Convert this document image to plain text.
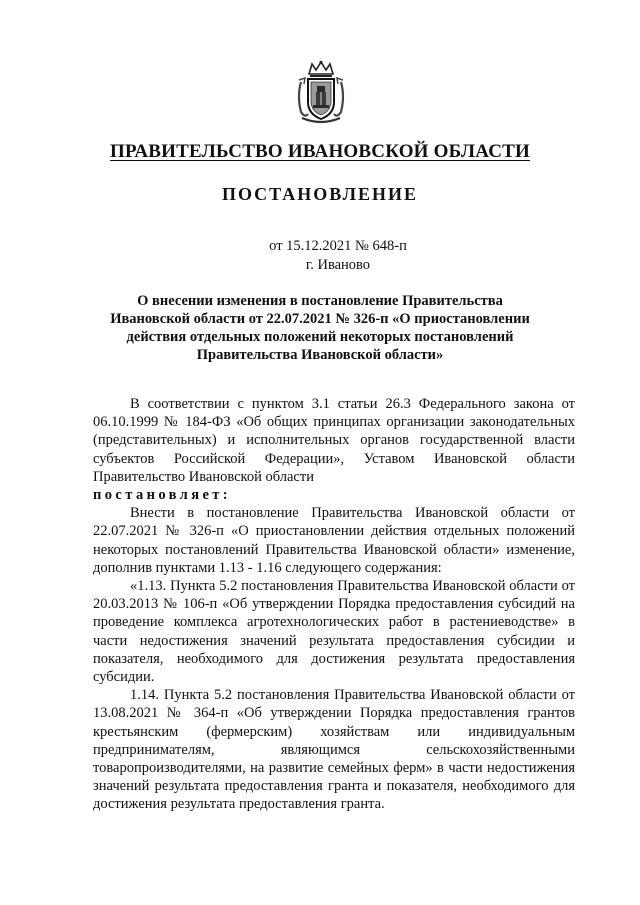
ПРАВИТЕЛЬСТВО ИВАНОВСКОЙ ОБЛАСТИ
ПОСТАНОВЛЕНИЕ
от 15.12.2021 № 648-п
г. Иваново
О внесении изменения в постановление Правительства
Ивановской области от 22.07.2021 № 326-п «О приостановлении
действия отдельных положений некоторых постановлений
Правительства Ивановской области»

В соответствии с пунктом 3.1 статьи 26.3 Федерального закона от 06.10.1999 № 184-ФЗ «Об общих принципах организации законодательных (представительных) и исполнительных органов государственной власти субъектов Российской Федерации», Уставом Ивановской области Правительство Ивановской области

постановляет:

Внести в постановление Правительства Ивановской области от 22.07.2021 № 326-п «О приостановлении действия отдельных положений некоторых постановлений Правительства Ивановской области» изменение, дополнив пунктами 1.13 - 1.16 следующего содержания:

«1.13. Пункта 5.2 постановления Правительства Ивановской области от 20.03.2013 № 106-п «Об утверждении Порядка предоставления субсидий на проведение комплекса агротехнологических работ в растениеводстве» в части недостижения значений результата предоставления субсидии и показателя, необходимого для достижения результата предоставления субсидии.

1.14. Пункта 5.2 постановления Правительства Ивановской области от 13.08.2021 № 364-п «Об утверждении Порядка предоставления грантов крестьянским (фермерским) хозяйствам или индивидуальным предпринимателям, являющимся сельскохозяйственными товаропроизводителями, на развитие семейных ферм» в части недостижения значений результата предоставления гранта и показателя, необходимого для достижения результата предоставления гранта.
